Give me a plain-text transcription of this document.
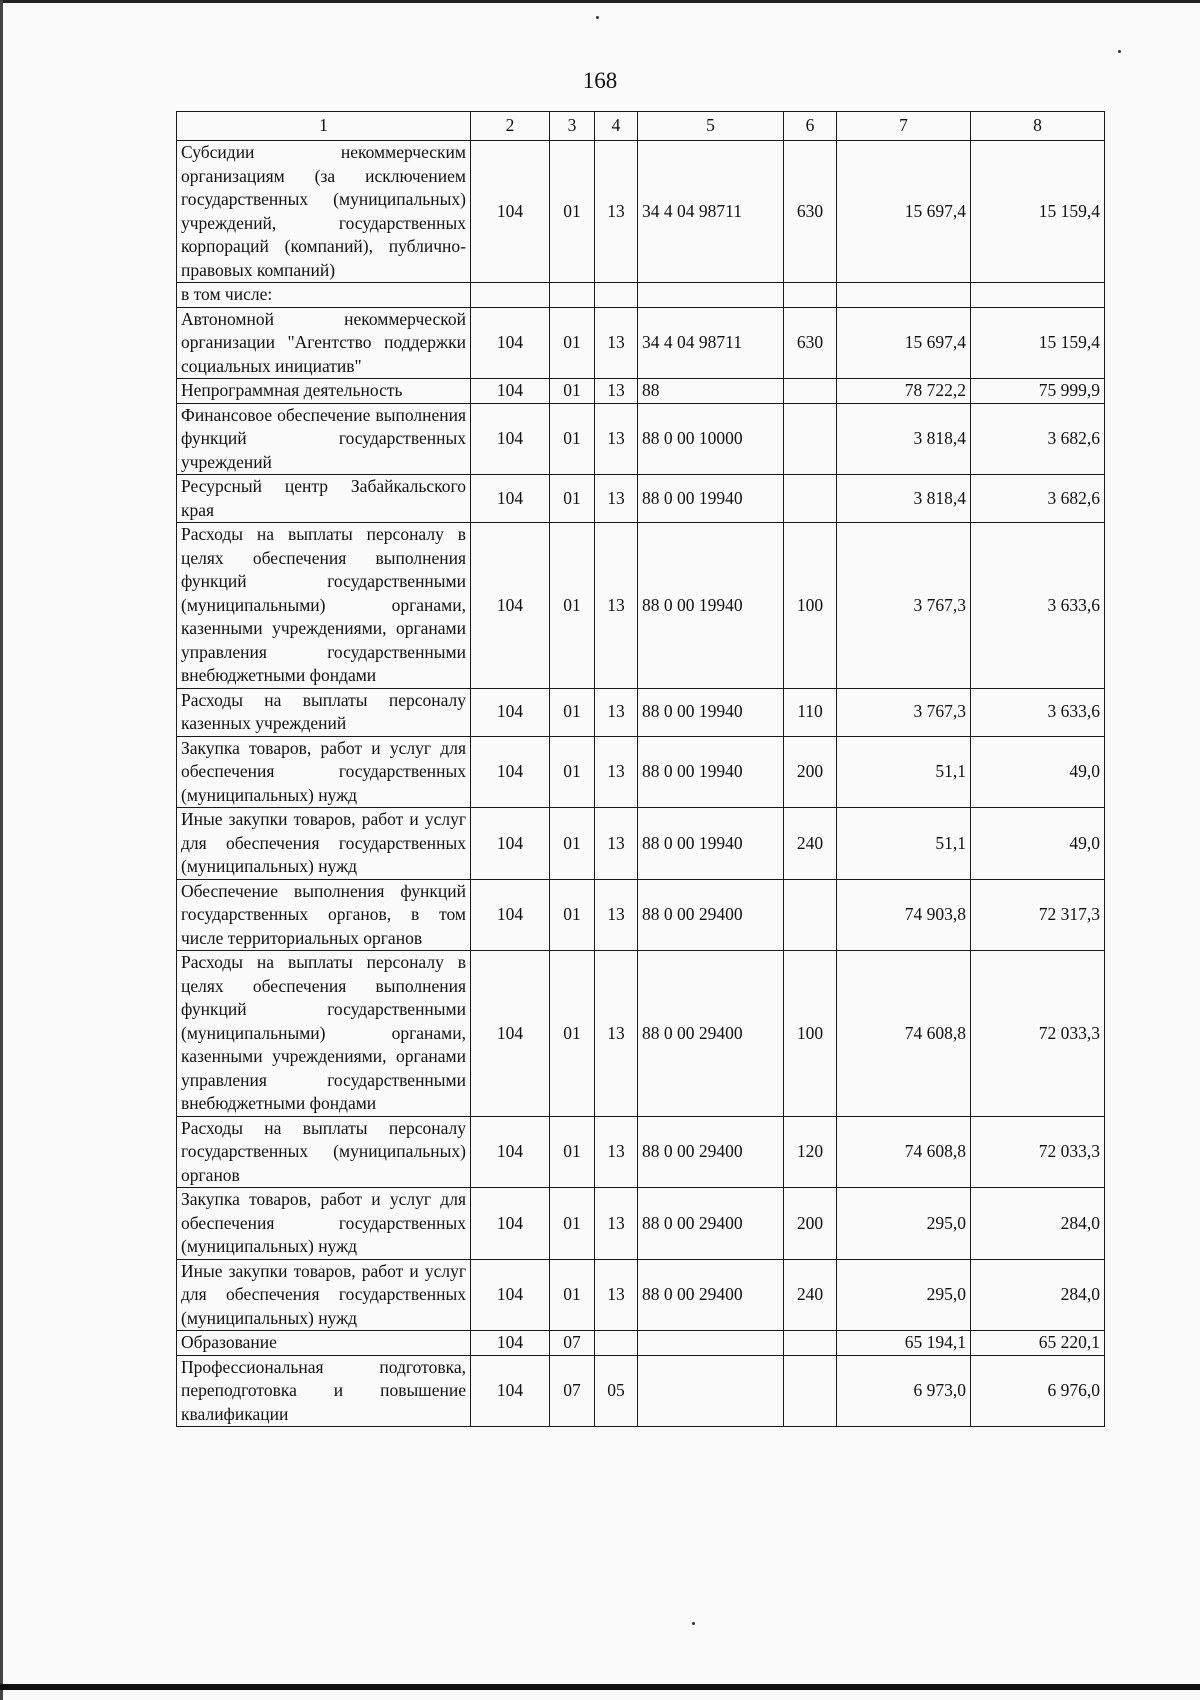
168
1	2	3	4	5	6	7	8
Субсидии некоммерческим организациям (за исключением государственных (муниципальных) учреждений, государственных корпораций (компаний), публично-правовых компаний)	104	01	13	34 4 04 98711	630	15 697,4	15 159,4
в том числе:							
Автономной некоммерческой организации "Агентство поддержки социальных инициатив"	104	01	13	34 4 04 98711	630	15 697,4	15 159,4
Непрограммная деятельность	104	01	13	88		78 722,2	75 999,9
Финансовое обеспечение выполнения функций государственных учреждений	104	01	13	88 0 00 10000		3 818,4	3 682,6
Ресурсный центр Забайкальского края	104	01	13	88 0 00 19940		3 818,4	3 682,6
Расходы на выплаты персоналу в целях обеспечения выполнения функций государственными (муниципальными) органами, казенными учреждениями, органами управления государственными внебюджетными фондами	104	01	13	88 0 00 19940	100	3 767,3	3 633,6
Расходы на выплаты персоналу казенных учреждений	104	01	13	88 0 00 19940	110	3 767,3	3 633,6
Закупка товаров, работ и услуг для обеспечения государственных (муниципальных) нужд	104	01	13	88 0 00 19940	200	51,1	49,0
Иные закупки товаров, работ и услуг для обеспечения государственных (муниципальных) нужд	104	01	13	88 0 00 19940	240	51,1	49,0
Обеспечение выполнения функций государственных органов, в том числе территориальных органов	104	01	13	88 0 00 29400		74 903,8	72 317,3
Расходы на выплаты персоналу в целях обеспечения выполнения функций государственными (муниципальными) органами, казенными учреждениями, органами управления государственными внебюджетными фондами	104	01	13	88 0 00 29400	100	74 608,8	72 033,3
Расходы на выплаты персоналу государственных (муниципальных) органов	104	01	13	88 0 00 29400	120	74 608,8	72 033,3
Закупка товаров, работ и услуг для обеспечения государственных (муниципальных) нужд	104	01	13	88 0 00 29400	200	295,0	284,0
Иные закупки товаров, работ и услуг для обеспечения государственных (муниципальных) нужд	104	01	13	88 0 00 29400	240	295,0	284,0
Образование	104	07				65 194,1	65 220,1
Профессиональная подготовка, переподготовка и повышение квалификации	104	07	05			6 973,0	6 976,0
